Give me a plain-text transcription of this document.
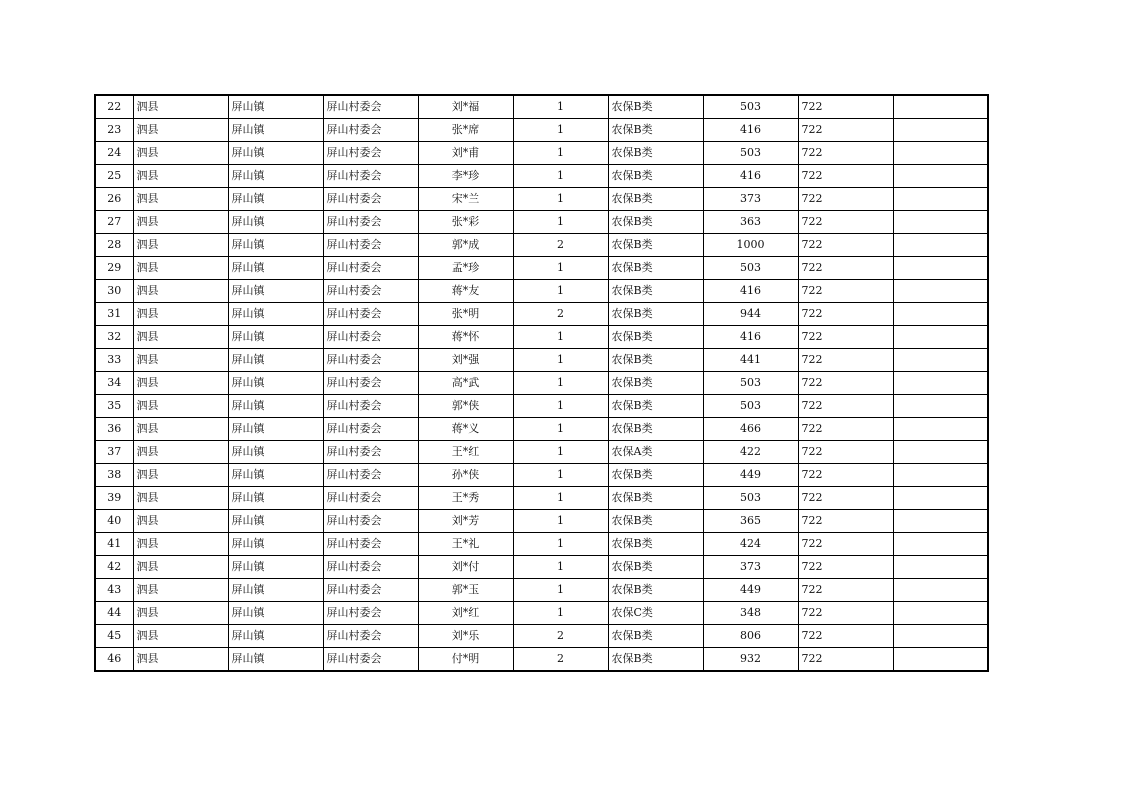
22	泗县	屏山镇	屏山村委会	刘*福	1	农保B类	503	722	
23	泗县	屏山镇	屏山村委会	张*席	1	农保B类	416	722	
24	泗县	屏山镇	屏山村委会	刘*甫	1	农保B类	503	722	
25	泗县	屏山镇	屏山村委会	李*珍	1	农保B类	416	722	
26	泗县	屏山镇	屏山村委会	宋*兰	1	农保B类	373	722	
27	泗县	屏山镇	屏山村委会	张*彩	1	农保B类	363	722	
28	泗县	屏山镇	屏山村委会	郭*成	2	农保B类	1000	722	
29	泗县	屏山镇	屏山村委会	孟*珍	1	农保B类	503	722	
30	泗县	屏山镇	屏山村委会	蒋*友	1	农保B类	416	722	
31	泗县	屏山镇	屏山村委会	张*明	2	农保B类	944	722	
32	泗县	屏山镇	屏山村委会	蒋*怀	1	农保B类	416	722	
33	泗县	屏山镇	屏山村委会	刘*强	1	农保B类	441	722	
34	泗县	屏山镇	屏山村委会	高*武	1	农保B类	503	722	
35	泗县	屏山镇	屏山村委会	郭*侠	1	农保B类	503	722	
36	泗县	屏山镇	屏山村委会	蒋*义	1	农保B类	466	722	
37	泗县	屏山镇	屏山村委会	王*红	1	农保A类	422	722	
38	泗县	屏山镇	屏山村委会	孙*侠	1	农保B类	449	722	
39	泗县	屏山镇	屏山村委会	王*秀	1	农保B类	503	722	
40	泗县	屏山镇	屏山村委会	刘*芳	1	农保B类	365	722	
41	泗县	屏山镇	屏山村委会	王*礼	1	农保B类	424	722	
42	泗县	屏山镇	屏山村委会	刘*付	1	农保B类	373	722	
43	泗县	屏山镇	屏山村委会	郭*玉	1	农保B类	449	722	
44	泗县	屏山镇	屏山村委会	刘*红	1	农保C类	348	722	
45	泗县	屏山镇	屏山村委会	刘*乐	2	农保B类	806	722	
46	泗县	屏山镇	屏山村委会	付*明	2	农保B类	932	722	
